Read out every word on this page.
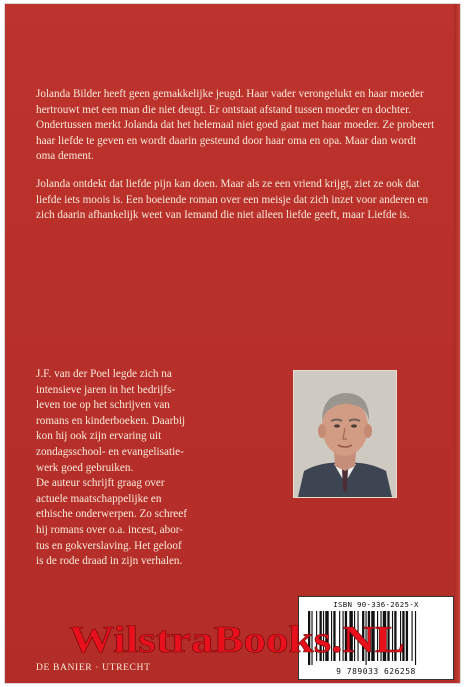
Jolanda Bilder heeft geen gemakkelijke jeugd. Haar vader verongelukt en haar moeder hertrouwt met een man die niet deugt. Er ontstaat afstand tussen moeder en dochter. Ondertussen merkt Jolanda dat het helemaal niet goed gaat met haar moeder. Ze probeert haar liefde te geven en wordt daarin gesteund door haar oma en opa. Maar dan wordt oma dement.

Jolanda ontdekt dat liefde pijn kan doen. Maar als ze een vriend krijgt, ziet ze ook dat liefde iets moois is. Een boeiende roman over een meisje dat zich inzet voor anderen en zich daarin afhankelijk weet van Iemand die niet alleen liefde geeft, maar Liefde is.

J.F. van der Poel legde zich na

intensieve jaren in het bedrijfs-

leven toe op het schrijven van

romans en kinderboeken. Daarbij

kon hij ook zijn ervaring uit

zondagsschool- en evangelisatie-

werk goed gebruiken.

De auteur schrijft graag over

actuele maatschappelijke en

ethische onderwerpen. Zo schreef

hij romans over o.a. incest, abor-

tus en gokverslaving. Het geloof

is de rode draad in zijn verhalen.

ISBN 90-336-2625-X
9 789033 626258
WilstraBooks.NL
DE BANIER · UTRECHT
